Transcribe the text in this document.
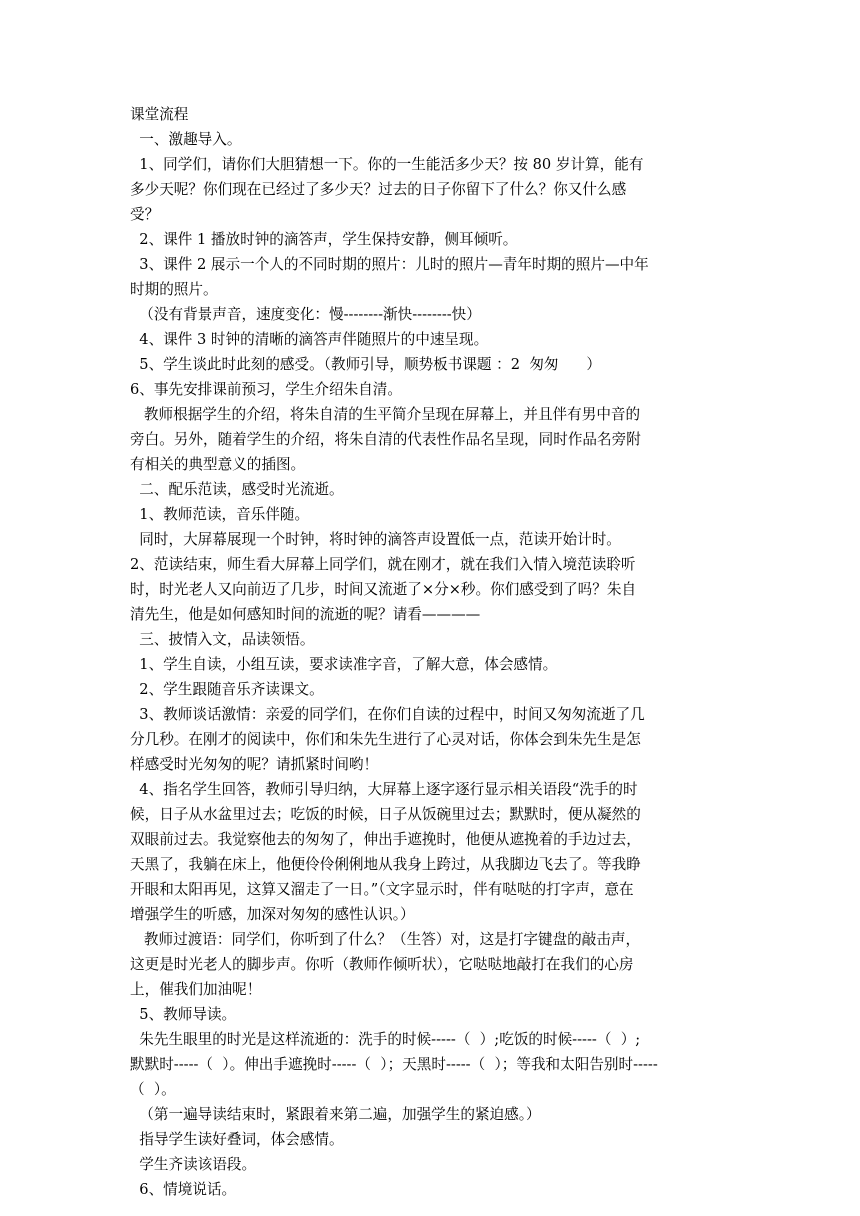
课堂流程
一、激趣导入。
1、同学们，请你们大胆猜想一下。你的一生能活多少天？按 80 岁计算，能有
多少天呢？你们现在已经过了多少天？过去的日子你留下了什么？你又什么感
受？
2、课件 1 播放时钟的滴答声，学生保持安静，侧耳倾听。
3、课件 2 展示一个人的不同时期的照片：儿时的照片—青年时期的照片—中年
时期的照片。
（没有背景声音，速度变化：慢--------渐快--------快）
4、课件 3 时钟的清晰的滴答声伴随照片的中速呈现。
5、学生谈此时此刻的感受。（教师引导，顺势板书课题 ：2  匆匆      ）
6、事先安排课前预习，学生介绍朱自清。
教师根据学生的介绍，将朱自清的生平简介呈现在屏幕上，并且伴有男中音的
旁白。另外，随着学生的介绍，将朱自清的代表性作品名呈现，同时作品名旁附
有相关的典型意义的插图。
二、配乐范读，感受时光流逝。
1、教师范读，音乐伴随。
同时，大屏幕展现一个时钟，将时钟的滴答声设置低一点，范读开始计时。
2、范读结束，师生看大屏幕上同学们，就在刚才，就在我们入情入境范读聆听
时，时光老人又向前迈了几步，时间又流逝了×分×秒。你们感受到了吗？朱自
清先生，他是如何感知时间的流逝的呢？请看————
三、披情入文，品读领悟。
1、学生自读，小组互读，要求读准字音，了解大意，体会感情。
2、学生跟随音乐齐读课文。
3、教师谈话激情：亲爱的同学们，在你们自读的过程中，时间又匆匆流逝了几
分几秒。在刚才的阅读中，你们和朱先生进行了心灵对话，你体会到朱先生是怎
样感受时光匆匆的呢？请抓紧时间哟！
4、指名学生回答，教师引导归纳，大屏幕上逐字逐行显示相关语段“洗手的时
候，日子从水盆里过去；吃饭的时候，日子从饭碗里过去；默默时，便从凝然的
双眼前过去。我觉察他去的匆匆了，伸出手遮挽时，他便从遮挽着的手边过去，
天黑了，我躺在床上，他便伶伶俐俐地从我身上跨过，从我脚边飞去了。等我睁
开眼和太阳再见，这算又溜走了一日。”（文字显示时，伴有哒哒的打字声，意在
增强学生的听感，加深对匆匆的感性认识。）
教师过渡语：同学们，你听到了什么？（生答）对，这是打字键盘的敲击声，
这更是时光老人的脚步声。你听（教师作倾听状），它哒哒地敲打在我们的心房
上，催我们加油呢！
5、教师导读。
朱先生眼里的时光是这样流逝的：洗手的时候-----（  ）;吃饭的时候-----（  ）;
默默时-----（  ）。伸出手遮挽时-----（  ）；天黑时-----（  ）；等我和太阳告别时-----
（  ）。
（第一遍导读结束时，紧跟着来第二遍，加强学生的紧迫感。）
指导学生读好叠词，体会感情。
学生齐读该语段。
6、情境说话。
